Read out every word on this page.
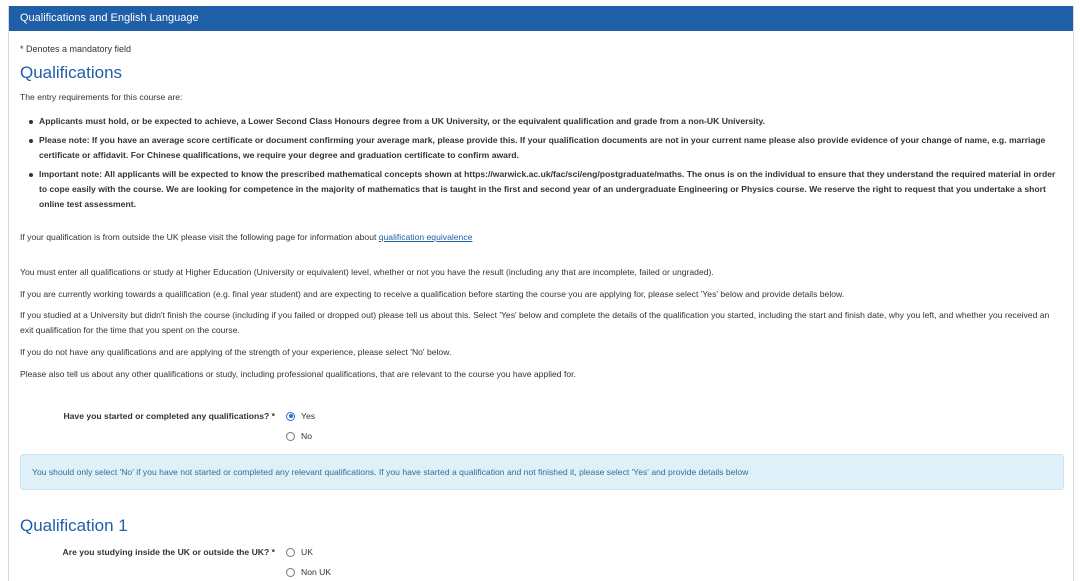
Qualifications and English Language
* Denotes a mandatory field
Qualifications
The entry requirements for this course are:
Applicants must hold, or be expected to achieve, a Lower Second Class Honours degree from a UK University, or the equivalent qualification and grade from a non-UK University.
Please note: If you have an average score certificate or document confirming your average mark, please provide this. If your qualification documents are not in your current name please also provide evidence of your change of name, e.g. marriage certificate or affidavit. For Chinese qualifications, we require your degree and graduation certificate to confirm award.
Important note: All applicants will be expected to know the prescribed mathematical concepts shown at https://warwick.ac.uk/fac/sci/eng/postgraduate/maths. The onus is on the individual to ensure that they understand the required material in order to cope easily with the course. We are looking for competence in the majority of mathematics that is taught in the first and second year of an undergraduate Engineering or Physics course. We reserve the right to request that you undertake a short online test assessment.
If your qualification is from outside the UK please visit the following page for information about qualification equivalence
You must enter all qualifications or study at Higher Education (University or equivalent) level, whether or not you have the result (including any that are incomplete, failed or ungraded).
If you are currently working towards a qualification (e.g. final year student) and are expecting to receive a qualification before starting the course you are applying for, please select 'Yes' below and provide details below.
If you studied at a University but didn't finish the course (including if you failed or dropped out) please tell us about this. Select 'Yes' below and complete the details of the qualification you started, including the start and finish date, why you left, and whether you received an exit qualification for the time that you spent on the course.
If you do not have any qualifications and are applying of the strength of your experience, please select 'No' below.
Please also tell us about any other qualifications or study, including professional qualifications, that are relevant to the course you have applied for.
Have you started or completed any qualifications? *	Yes
No
You should only select 'No' if you have not started or completed any relevant qualifications. If you have started a qualification and not finished it, please select 'Yes' and provide details below
Qualification 1
Are you studying inside the UK or outside the UK? *	UK
Non UK
